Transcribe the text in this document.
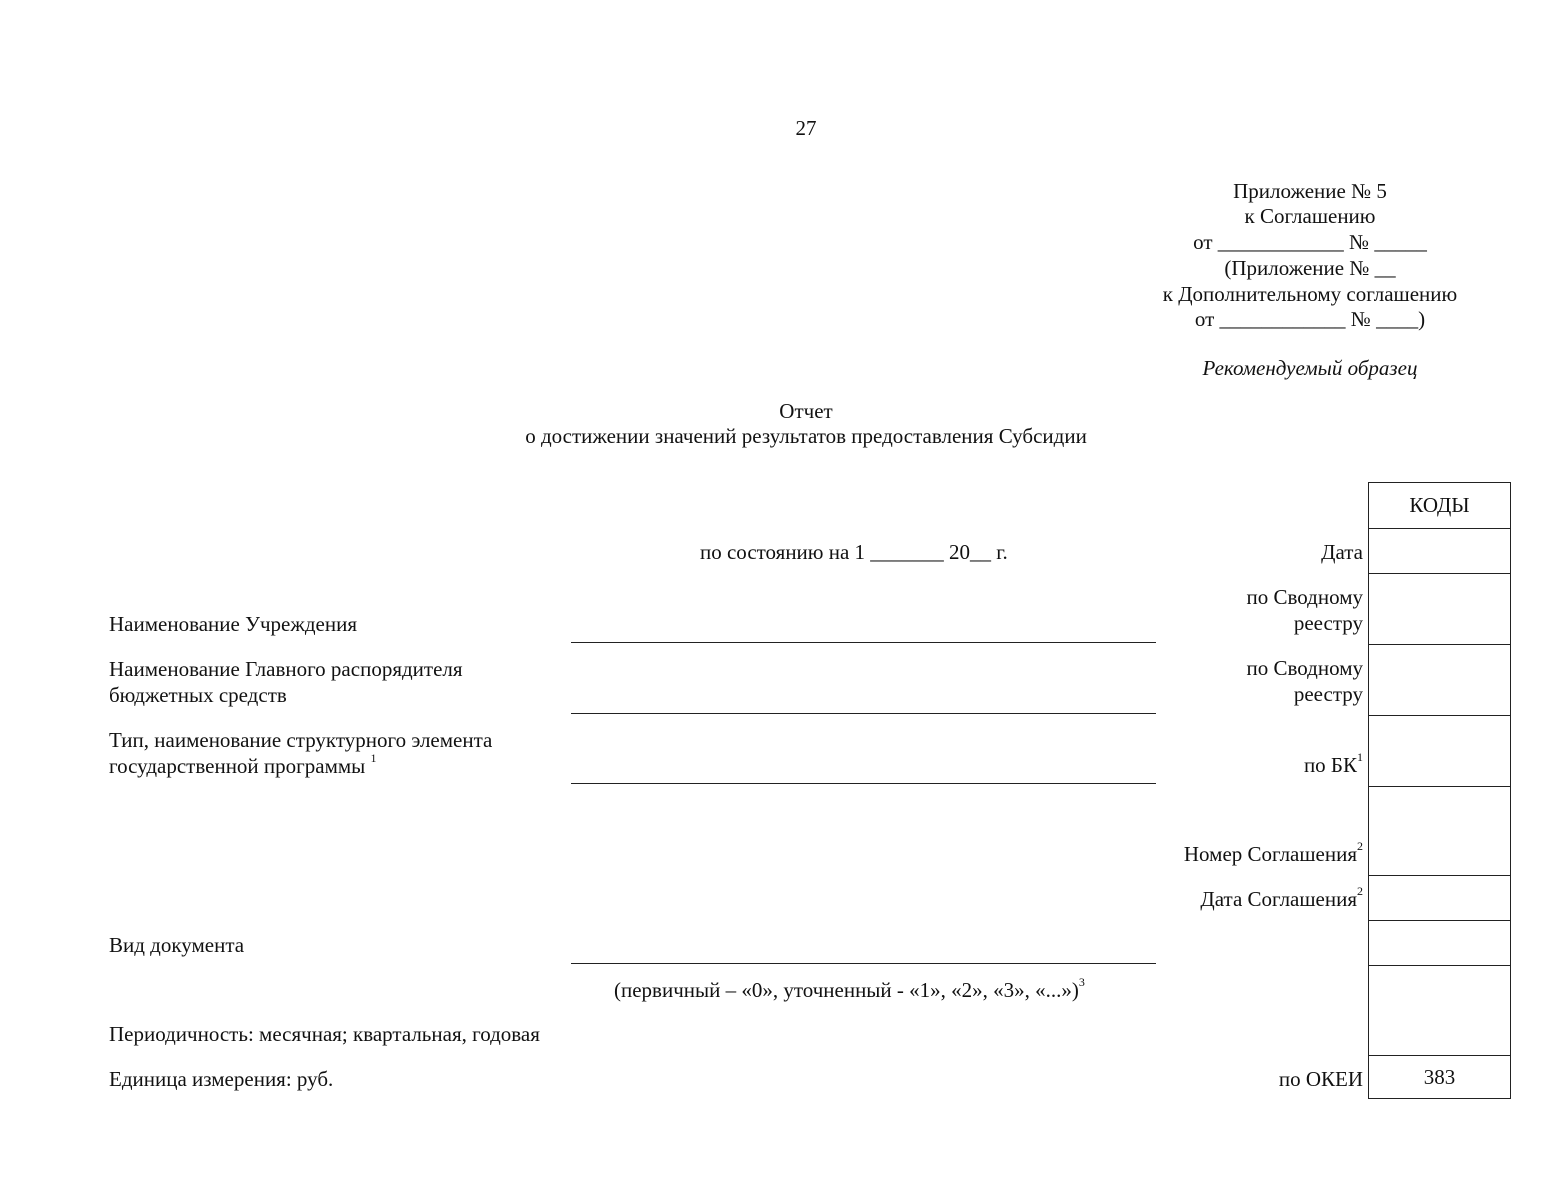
27
Приложение № 5
к Соглашению
от ____________ № _____
(Приложение № __
к Дополнительному соглашению
от ____________ № ____)
Рекомендуемый образец
Отчет
о достижении значений результатов предоставления Субсидии
по состоянию на 1 _______ 20__ г.
Наименование Учреждения
Наименование Главного распорядителя
бюджетных средств
Тип, наименование структурного элемента
государственной программы $^1$
Вид документа
(первичный – «0», уточненный - «1», «2», «3», «...»)$^3$
Периодичность: месячная; квартальная, годовая
Единица измерения: руб.
Дата
по Сводному
реестру
по Сводному
реестру
по $БК^1$
Номер Соглашения$^2$
Дата Соглашения$^2$
по ОКЕИ
КОДЫ
383
